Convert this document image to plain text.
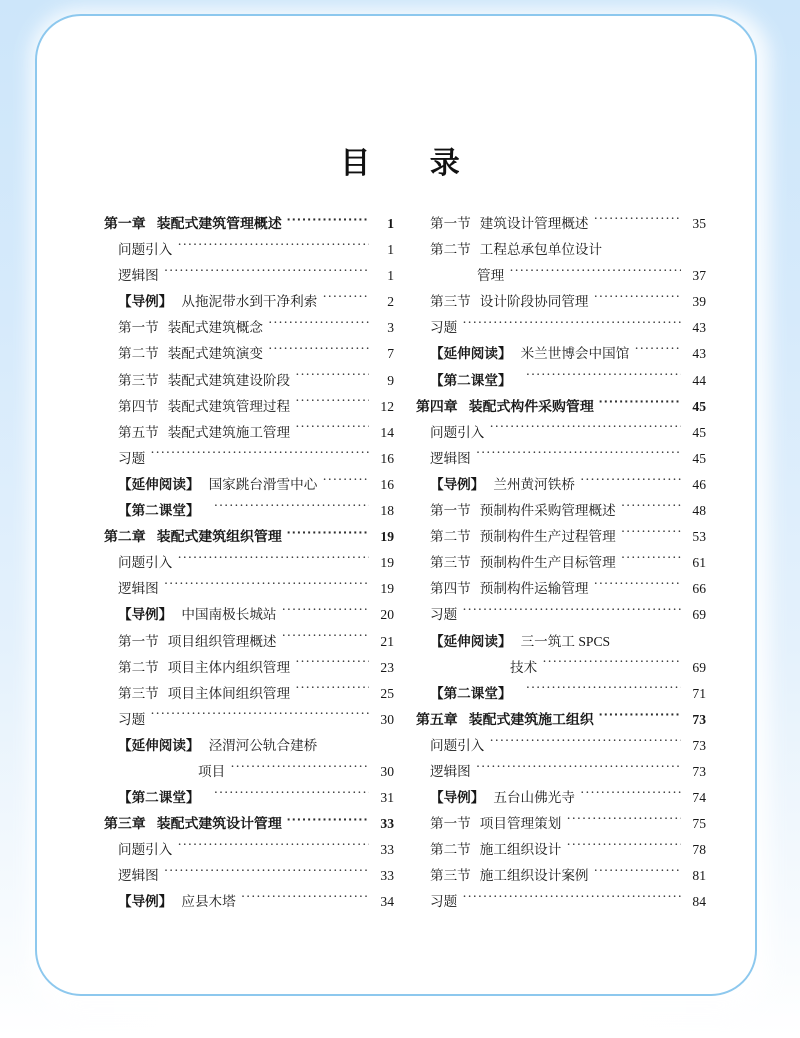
目 录
第一章 装配式建筑管理概述 ·····	1
问题引入 ·····	1
逻辑图 ·····	1
【导例】 从拖泥带水到干净利索 ·····	2
第一节 装配式建筑概念 ·····	3
第二节 装配式建筑演变 ·····	7
第三节 装配式建筑建设阶段 ·····	9
第四节 装配式建筑管理过程 ·····	12
第五节 装配式建筑施工管理 ·····	14
习题 ·····	16
【延伸阅读】 国家跳台滑雪中心 ·····	16
【第二课堂】 ·····	18
第二章 装配式建筑组织管理 ·····	19
问题引入 ·····	19
逻辑图 ·····	19
【导例】 中国南极长城站 ·····	20
第一节 项目组织管理概述 ·····	21
第二节 项目主体内组织管理 ·····	23
第三节 项目主体间组织管理 ·····	25
习题 ·····	30
【延伸阅读】 泾渭河公轨合建桥
项目 ·····	30
【第二课堂】 ·····	31
第三章 装配式建筑设计管理 ·····	33
问题引入 ·····	33
逻辑图 ·····	33
【导例】 应县木塔 ·····	34
第一节 建筑设计管理概述 ·····	35
第二节 工程总承包单位设计
管理 ·····	37
第三节 设计阶段协同管理 ·····	39
习题 ·····	43
【延伸阅读】 米兰世博会中国馆 ·····	43
【第二课堂】 ·····	44
第四章 装配式构件采购管理 ·····	45
问题引入 ·····	45
逻辑图 ·····	45
【导例】 兰州黄河铁桥 ·····	46
第一节 预制构件采购管理概述 ·····	48
第二节 预制构件生产过程管理 ·····	53
第三节 预制构件生产目标管理 ·····	61
第四节 预制构件运输管理 ·····	66
习题 ·····	69
【延伸阅读】 三一筑工 SPCS
技术 ·····	69
【第二课堂】 ·····	71
第五章 装配式建筑施工组织 ·····	73
问题引入 ·····	73
逻辑图 ·····	73
【导例】 五台山佛光寺 ·····	74
第一节 项目管理策划 ·····	75
第二节 施工组织设计 ·····	78
第三节 施工组织设计案例 ·····	81
习题 ·····	84
